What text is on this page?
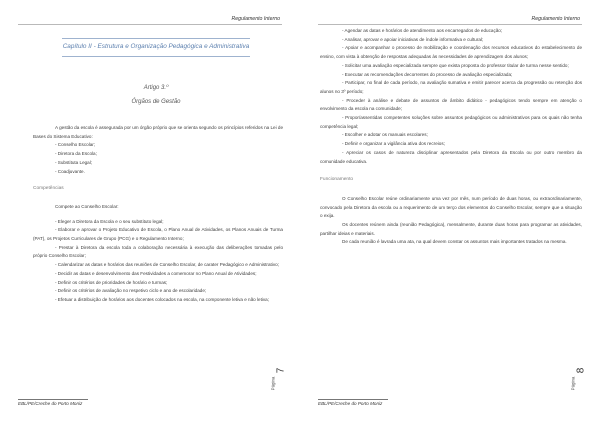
Regulamento Interno
Capítulo II - Estrutura e Organização Pedagógica e Administrativa
Artigo 3.º
Órgãos de Gestão

A gestão da escola é assegurada por um órgão próprio que se orienta segundo os princípios referidos na Lei de Bases do Sistema Educativo:

- Conselho Escolar;

- Diretora da Escola;

- Substituta Legal;

- Coadjuvante.

Competências

Compete ao Conselho Escolar:

- Eleger a Diretora da Escola e o seu substituto legal;

- Elaborar e aprovar o Projeto Educativo de Escola, o Plano Anual de Atividades, os Planos Anuais de Turma (PAT), os Projetos Curriculares de Grupo (PCG) e o Regulamento Interno;

- Prestar à Diretora da escola toda a colaboração necessária à execução das deliberações tomadas pelo próprio Conselho Escolar;

- Calendarizar as datas e horários das reuniões de Conselho Escolar, de carater Pedagógico e Administrativo;

- Decidir as datas e desenvolvimento das Festividades a comemorar no Plano Anual de Atividades;

- Definir os critérios de prioridades de horário e turmas;

- Definir os critérios de avaliação no respetivo ciclo e ano de escolaridade;

- Efetuar a distribuição de horários aos docentes colocados na escola, na componente letiva e não letiva;

Página
7
EBL/PE/Creche do Porto Moniz
Regulamento Interno

- Agendar as datas e horários de atendimento aos encarregados de educação;

- Analisar, aprovar e apoiar iniciativas de índole informativa e cultural;

- Apoiar e acompanhar o processo de mobilização e coordenação dos recursos educativos do estabelecimento de ensino, com vista à obtenção de respostas adequadas às necessidades de aprendizagem dos alunos;

- Solicitar uma avaliação especializada sempre que exista proposta do professor titular de turma nesse sentido;

- Executar as recomendações decorrentes do processo de avaliação especializada;

- Participar, no final de cada período, na avaliação sumativa e emitir parecer acerca da progressão ou retenção dos alunos no 3º período;

- Proceder à análise e debate de assuntos de âmbito didático - pedagógicos tendo sempre em atenção o envolvimento da escola na comunidade;

- Propor/assentidas competentes soluções sobre assuntos pedagógicos ou administrativos para os quais não tenha competência legal;

- Escolher e adotar os manuais escolares;

- Definir e organizar a vigilância ativa dos recreios;

- Apreciar os casos de natureza disciplinar apresentados pela Diretora da Escola ou por outro membro da comunidade educativa.

Funcionamento

O Conselho Escolar reúne ordinariamente uma vez por mês, num período de duas horas, ou extraordinariamente, convocado pela Diretora da escola ou a requerimento de um terço dos elementos do Conselho Escolar, sempre que a situação o exija.

Os docentes reúnem ainda (reunião Pedagógica), mensalmente, durante duas horas para programar as atividades, partilhar ideias e materiais.

De cada reunião é lavrada uma ata, na qual devem constar os assuntos mais importantes tratados na mesma.

Página
8
EBL/PE/Creche do Porto Moniz
